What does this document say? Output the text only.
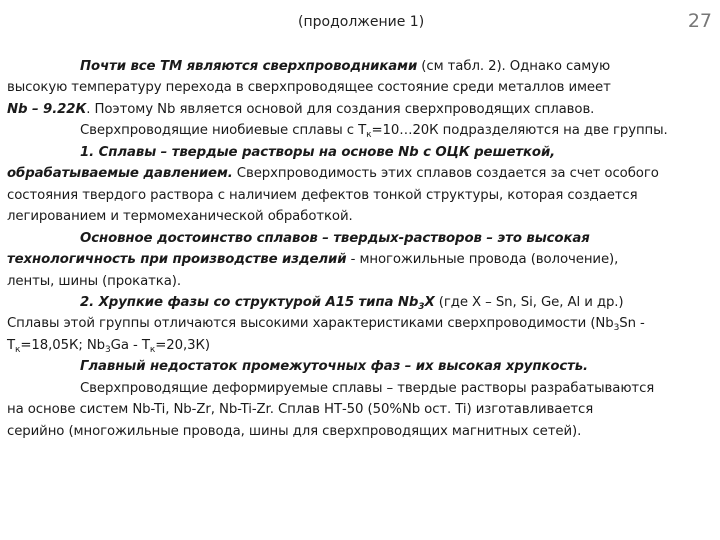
(продолжение 1)	27
Почти все ТМ являются сверхпроводниками (см табл. 2). Однако самую
высокую температуру перехода в сверхпроводящее состояние среди металлов имеет
Nb – 9.22К. Поэтому Nb является основой для создания сверхпроводящих сплавов.
Сверхпроводящие ниобиевые сплавы с $Т_к=10\dots 20К$ подразделяются на две группы.
1. Сплавы – твердые растворы на основе Nb с ОЦК решеткой,
обрабатываемые давлением. Сверхпроводимость этих сплавов создается за счет особого
состояния твердого раствора с наличием дефектов тонкой структуры, которая создается
легированием и термомеханической обработкой.
Основное достоинство сплавов – твердых-растворов – это высокая
технологичность при производстве изделий - многожильные провода (волочение),
ленты, шины (прокатка).
2. Хрупкие фазы со структурой А15 типа $Nb_3X$ (где X – Sn, Si, Ge, Al и др.)
Сплавы этой группы отличаются высокими характеристиками сверхпроводимости ($Nb_3Sn$ -
$Т_к=18,05К$; $Nb_3Ga - Т_к=20,3К$)
Главный недостаток промежуточных фаз – их высокая хрупкость.
Сверхпроводящие деформируемые сплавы – твердые растворы разрабатываются
на основе систем Nb-Ti, Nb-Zr, Nb-Ti-Zr. Сплав НТ-50 (50%Nb ост. Ti) изготавливается
серийно (многожильные провода, шины для сверхпроводящих магнитных сетей).
